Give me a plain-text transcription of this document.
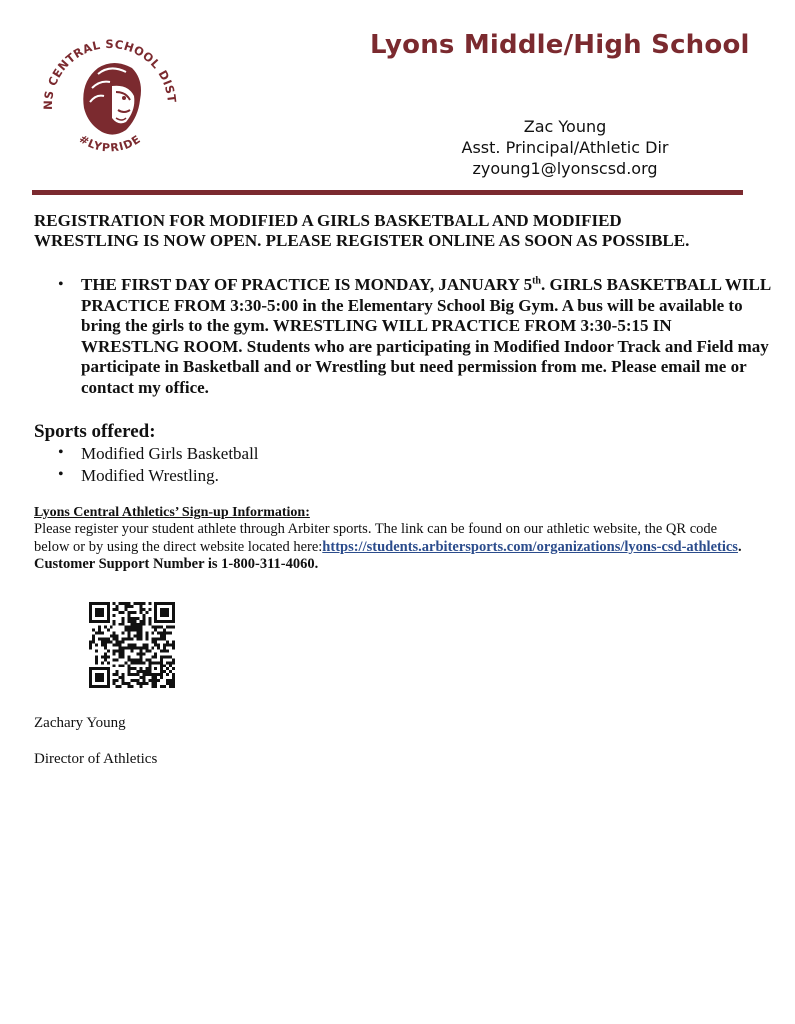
NS CENTRAL SCHOOL DIST
#LYPRIDE
Lyons Middle/High School
Zac Young
Asst. Principal/Athletic Dir
zyoung1@lyonscsd.org
REGISTRATION FOR MODIFIED A GIRLS BASKETBALL AND MODIFIED
WRESTLING IS NOW OPEN. PLEASE REGISTER ONLINE AS SOON AS POSSIBLE.
• THE FIRST DAY OF PRACTICE IS MONDAY, JANUARY 5th. GIRLS BASKETBALL WILL PRACTICE FROM 3:30-5:00 in the Elementary School Big Gym. A bus will be available to bring the girls to the gym. WRESTLING WILL PRACTICE FROM 3:30-5:15 IN WRESTLNG ROOM. Students who are participating in Modified Indoor Track and Field may participate in Basketball and or Wrestling but need permission from me. Please email me or contact my office.
Sports offered:
• Modified Girls Basketball
• Modified Wrestling.
Lyons Central Athletics’ Sign-up Information:
Please register your student athlete through Arbiter sports. The link can be found on our athletic website, the QR code below or by using the direct website located here:https://students.arbitersports.com/organizations/lyons-csd-athletics. Customer Support Number is 1-800-311-4060.
Zachary Young
Director of Athletics
